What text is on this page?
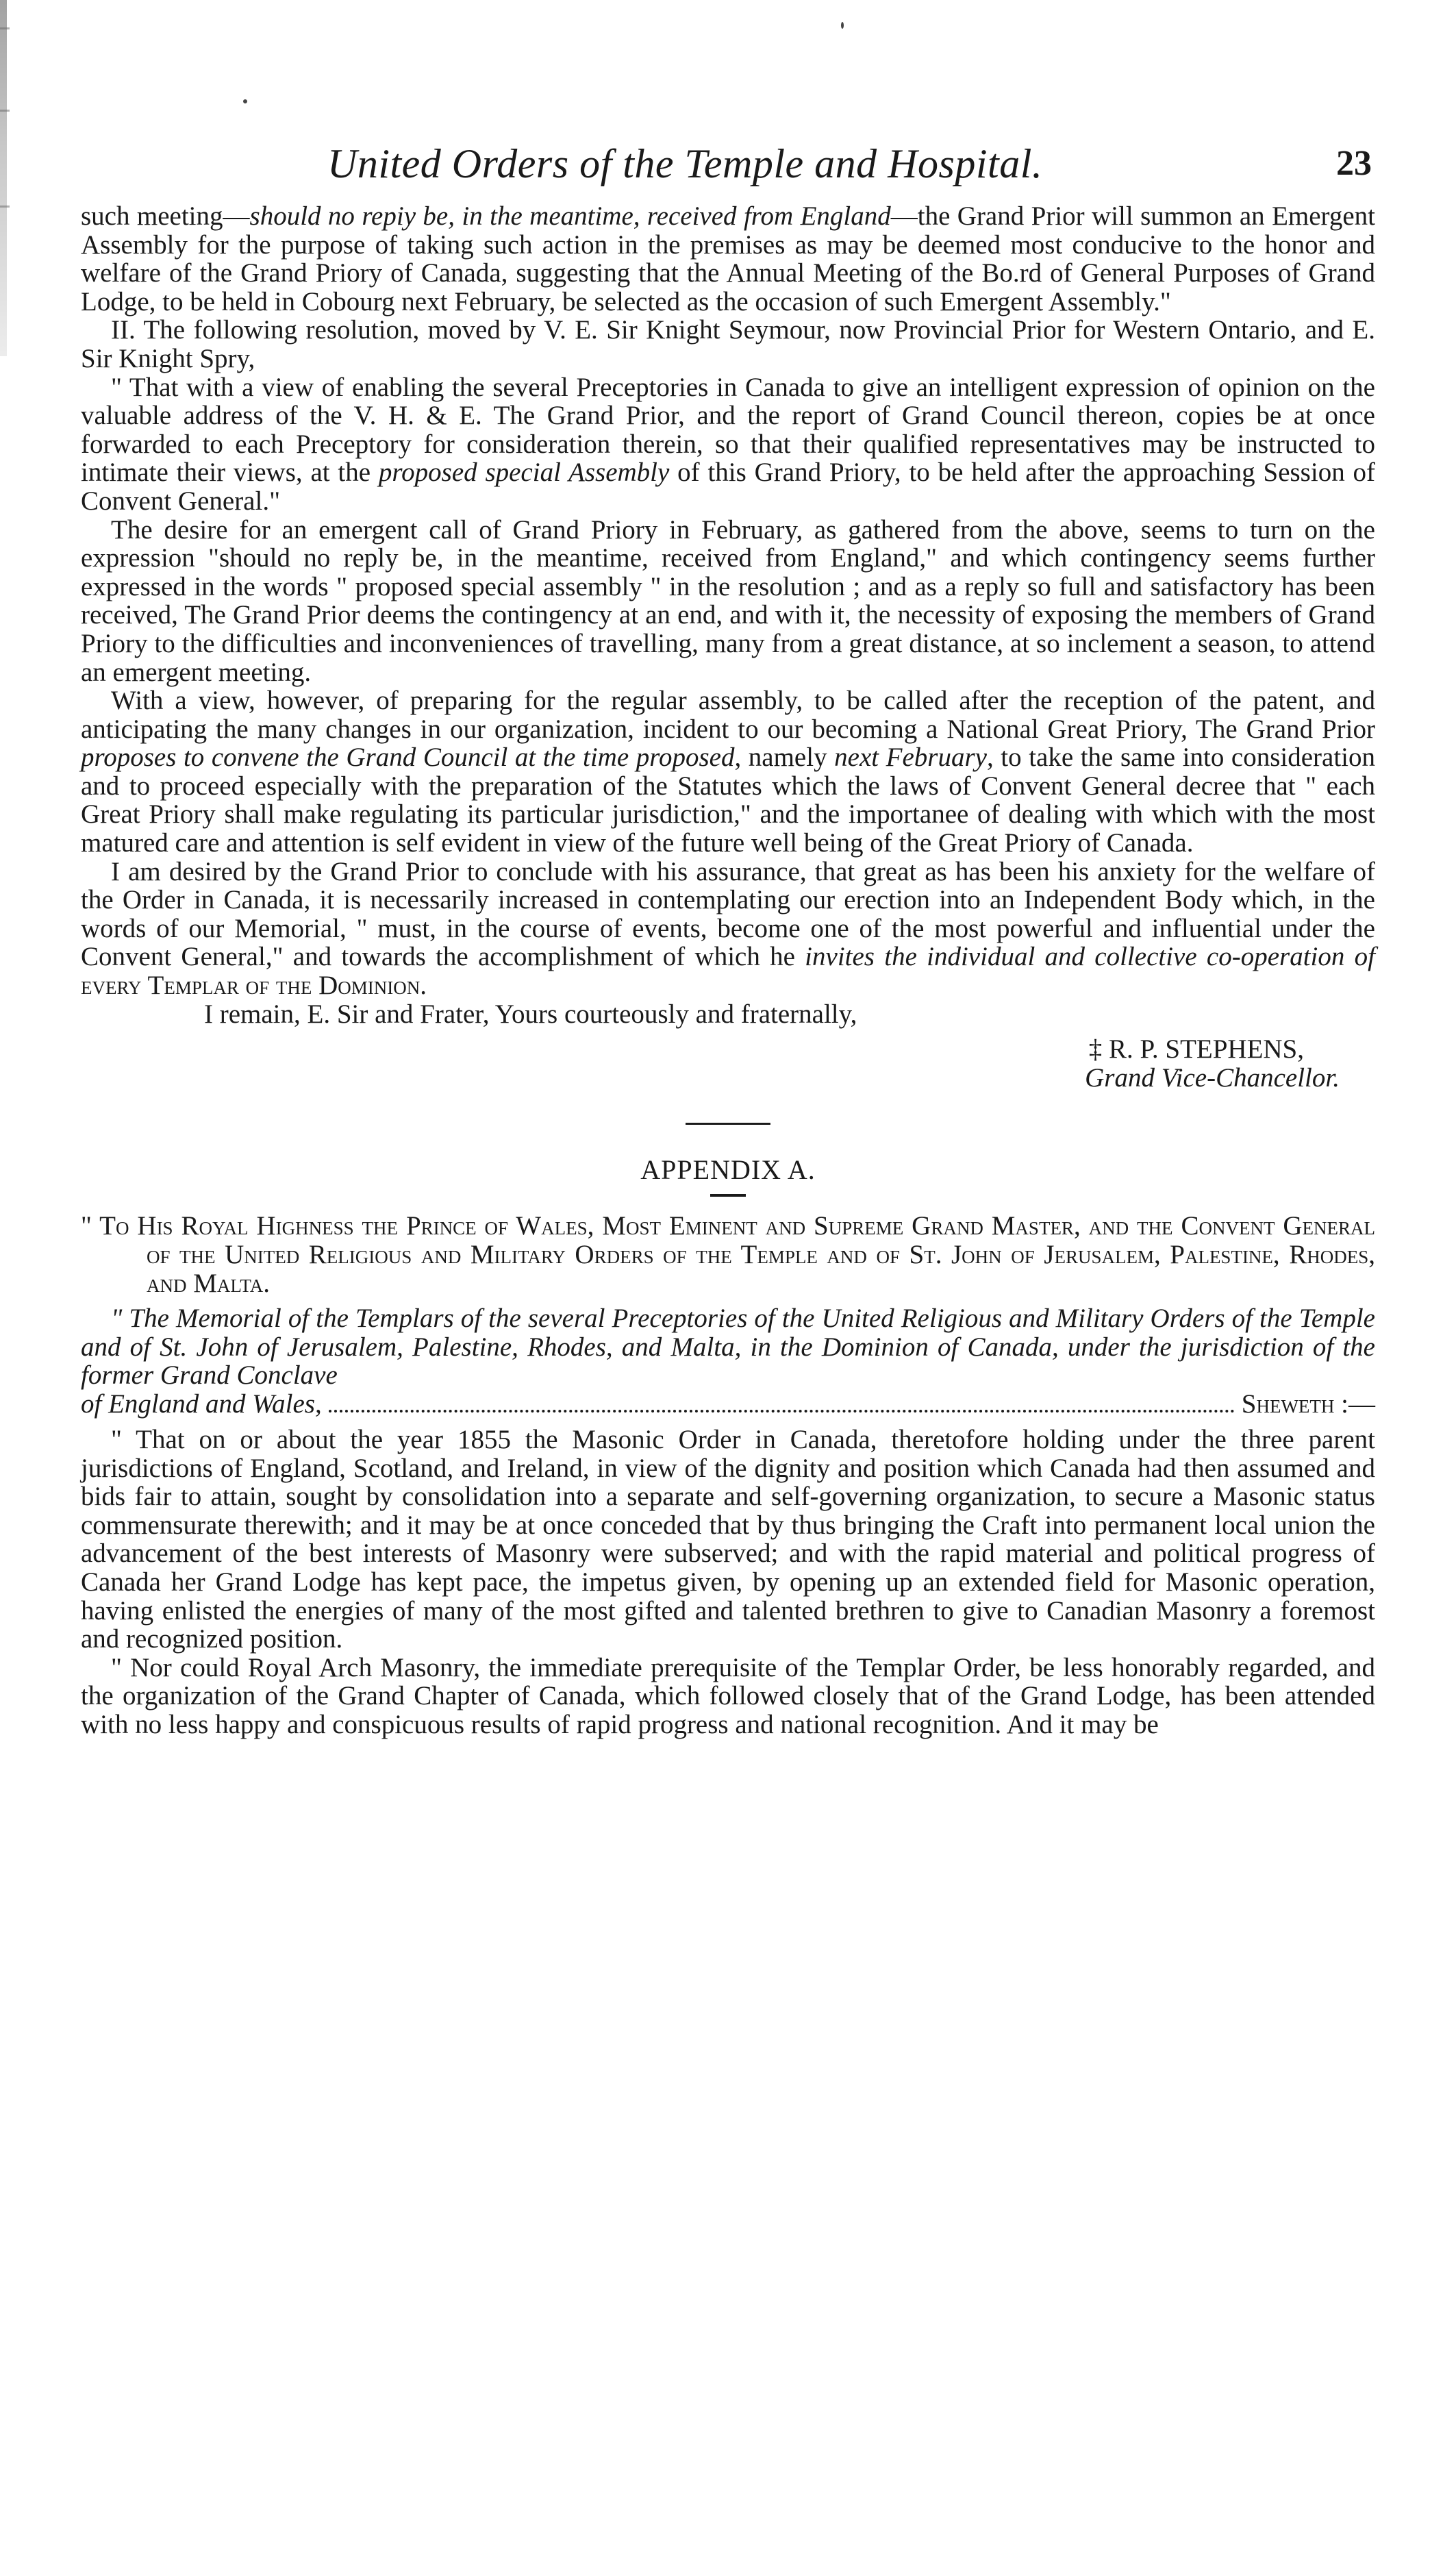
United Orders of the Temple and Hospital.	23

such meeting—should no repiy be, in the meantime, received from England—the Grand Prior will summon an Emergent Assembly for the purpose of taking such action in the premises as may be deemed most conducive to the honor and welfare of the Grand Priory of Canada, suggesting that the Annual Meeting of the Bo.rd of General Purposes of Grand Lodge, to be held in Cobourg next February, be selected as the occasion of such Emergent Assembly."

II. The following resolution, moved by V. E. Sir Knight Seymour, now Provincial Prior for Western Ontario, and E. Sir Knight Spry,

" That with a view of enabling the several Preceptories in Canada to give an intelligent expression of opinion on the valuable address of the V. H. & E. The Grand Prior, and the report of Grand Council thereon, copies be at once forwarded to each Preceptory for consideration therein, so that their qualified representatives may be instructed to intimate their views, at the proposed special Assembly of this Grand Priory, to be held after the approaching Session of Convent General."

The desire for an emergent call of Grand Priory in February, as gathered from the above, seems to turn on the expression "should no reply be, in the meantime, received from England," and which contingency seems further expressed in the words " proposed special assembly " in the resolution ; and as a reply so full and satisfactory has been received, The Grand Prior deems the contingency at an end, and with it, the necessity of exposing the members of Grand Priory to the difficulties and inconveniences of travelling, many from a great distance, at so inclement a season, to attend an emergent meeting.

With a view, however, of preparing for the regular assembly, to be called after the reception of the patent, and anticipating the many changes in our organization, incident to our becoming a National Great Priory, The Grand Prior proposes to convene the Grand Council at the time proposed, namely next February, to take the same into consideration and to proceed especially with the preparation of the Statutes which the laws of Convent General decree that " each Great Priory shall make regulating its particular jurisdiction," and the importanee of dealing with which with the most matured care and attention is self evident in view of the future well being of the Great Priory of Canada.

I am desired by the Grand Prior to conclude with his assurance, that great as has been his anxiety for the welfare of the Order in Canada, it is necessarily increased in contemplating our erection into an Independent Body which, in the words of our Memorial, " must, in the course of events, become one of the most powerful and influential under the Convent General," and towards the accomplishment of which he invites the individual and collective co-operation of every Templar of the Dominion.

I remain, E. Sir and Frater, Yours courteously and fraternally,

‡ R. P. STEPHENS,
Grand Vice-Chancellor.
APPENDIX A.

" To His Royal Highness the Prince of Wales, Most Eminent and Supreme Grand Master, and the Convent General of the United Religious and Military Orders of the Temple and of St. John of Jerusalem, Palestine, Rhodes, and Malta.

" The Memorial of the Templars of the several Preceptories of the United Religious and Military Orders of the Temple and of St. John of Jerusalem, Palestine, Rhodes, and Malta, in the Dominion of Canada, under the jurisdiction of the former Grand Conclave

of England and Wales,	Sheweth :—

" That on or about the year 1855 the Masonic Order in Canada, theretofore holding under the three parent jurisdictions of England, Scotland, and Ireland, in view of the dignity and position which Canada had then assumed and bids fair to attain, sought by consolidation into a separate and self-governing organization, to secure a Masonic status commensurate therewith; and it may be at once conceded that by thus bringing the Craft into permanent local union the advancement of the best interests of Masonry were subserved; and with the rapid material and political progress of Canada her Grand Lodge has kept pace, the impetus given, by opening up an extended field for Masonic operation, having enlisted the energies of many of the most gifted and talented brethren to give to Canadian Masonry a foremost and recognized position.

" Nor could Royal Arch Masonry, the immediate prerequisite of the Templar Order, be less honorably regarded, and the organization of the Grand Chapter of Canada, which followed closely that of the Grand Lodge, has been attended with no less happy and conspicuous results of rapid progress and national recognition. And it may be
